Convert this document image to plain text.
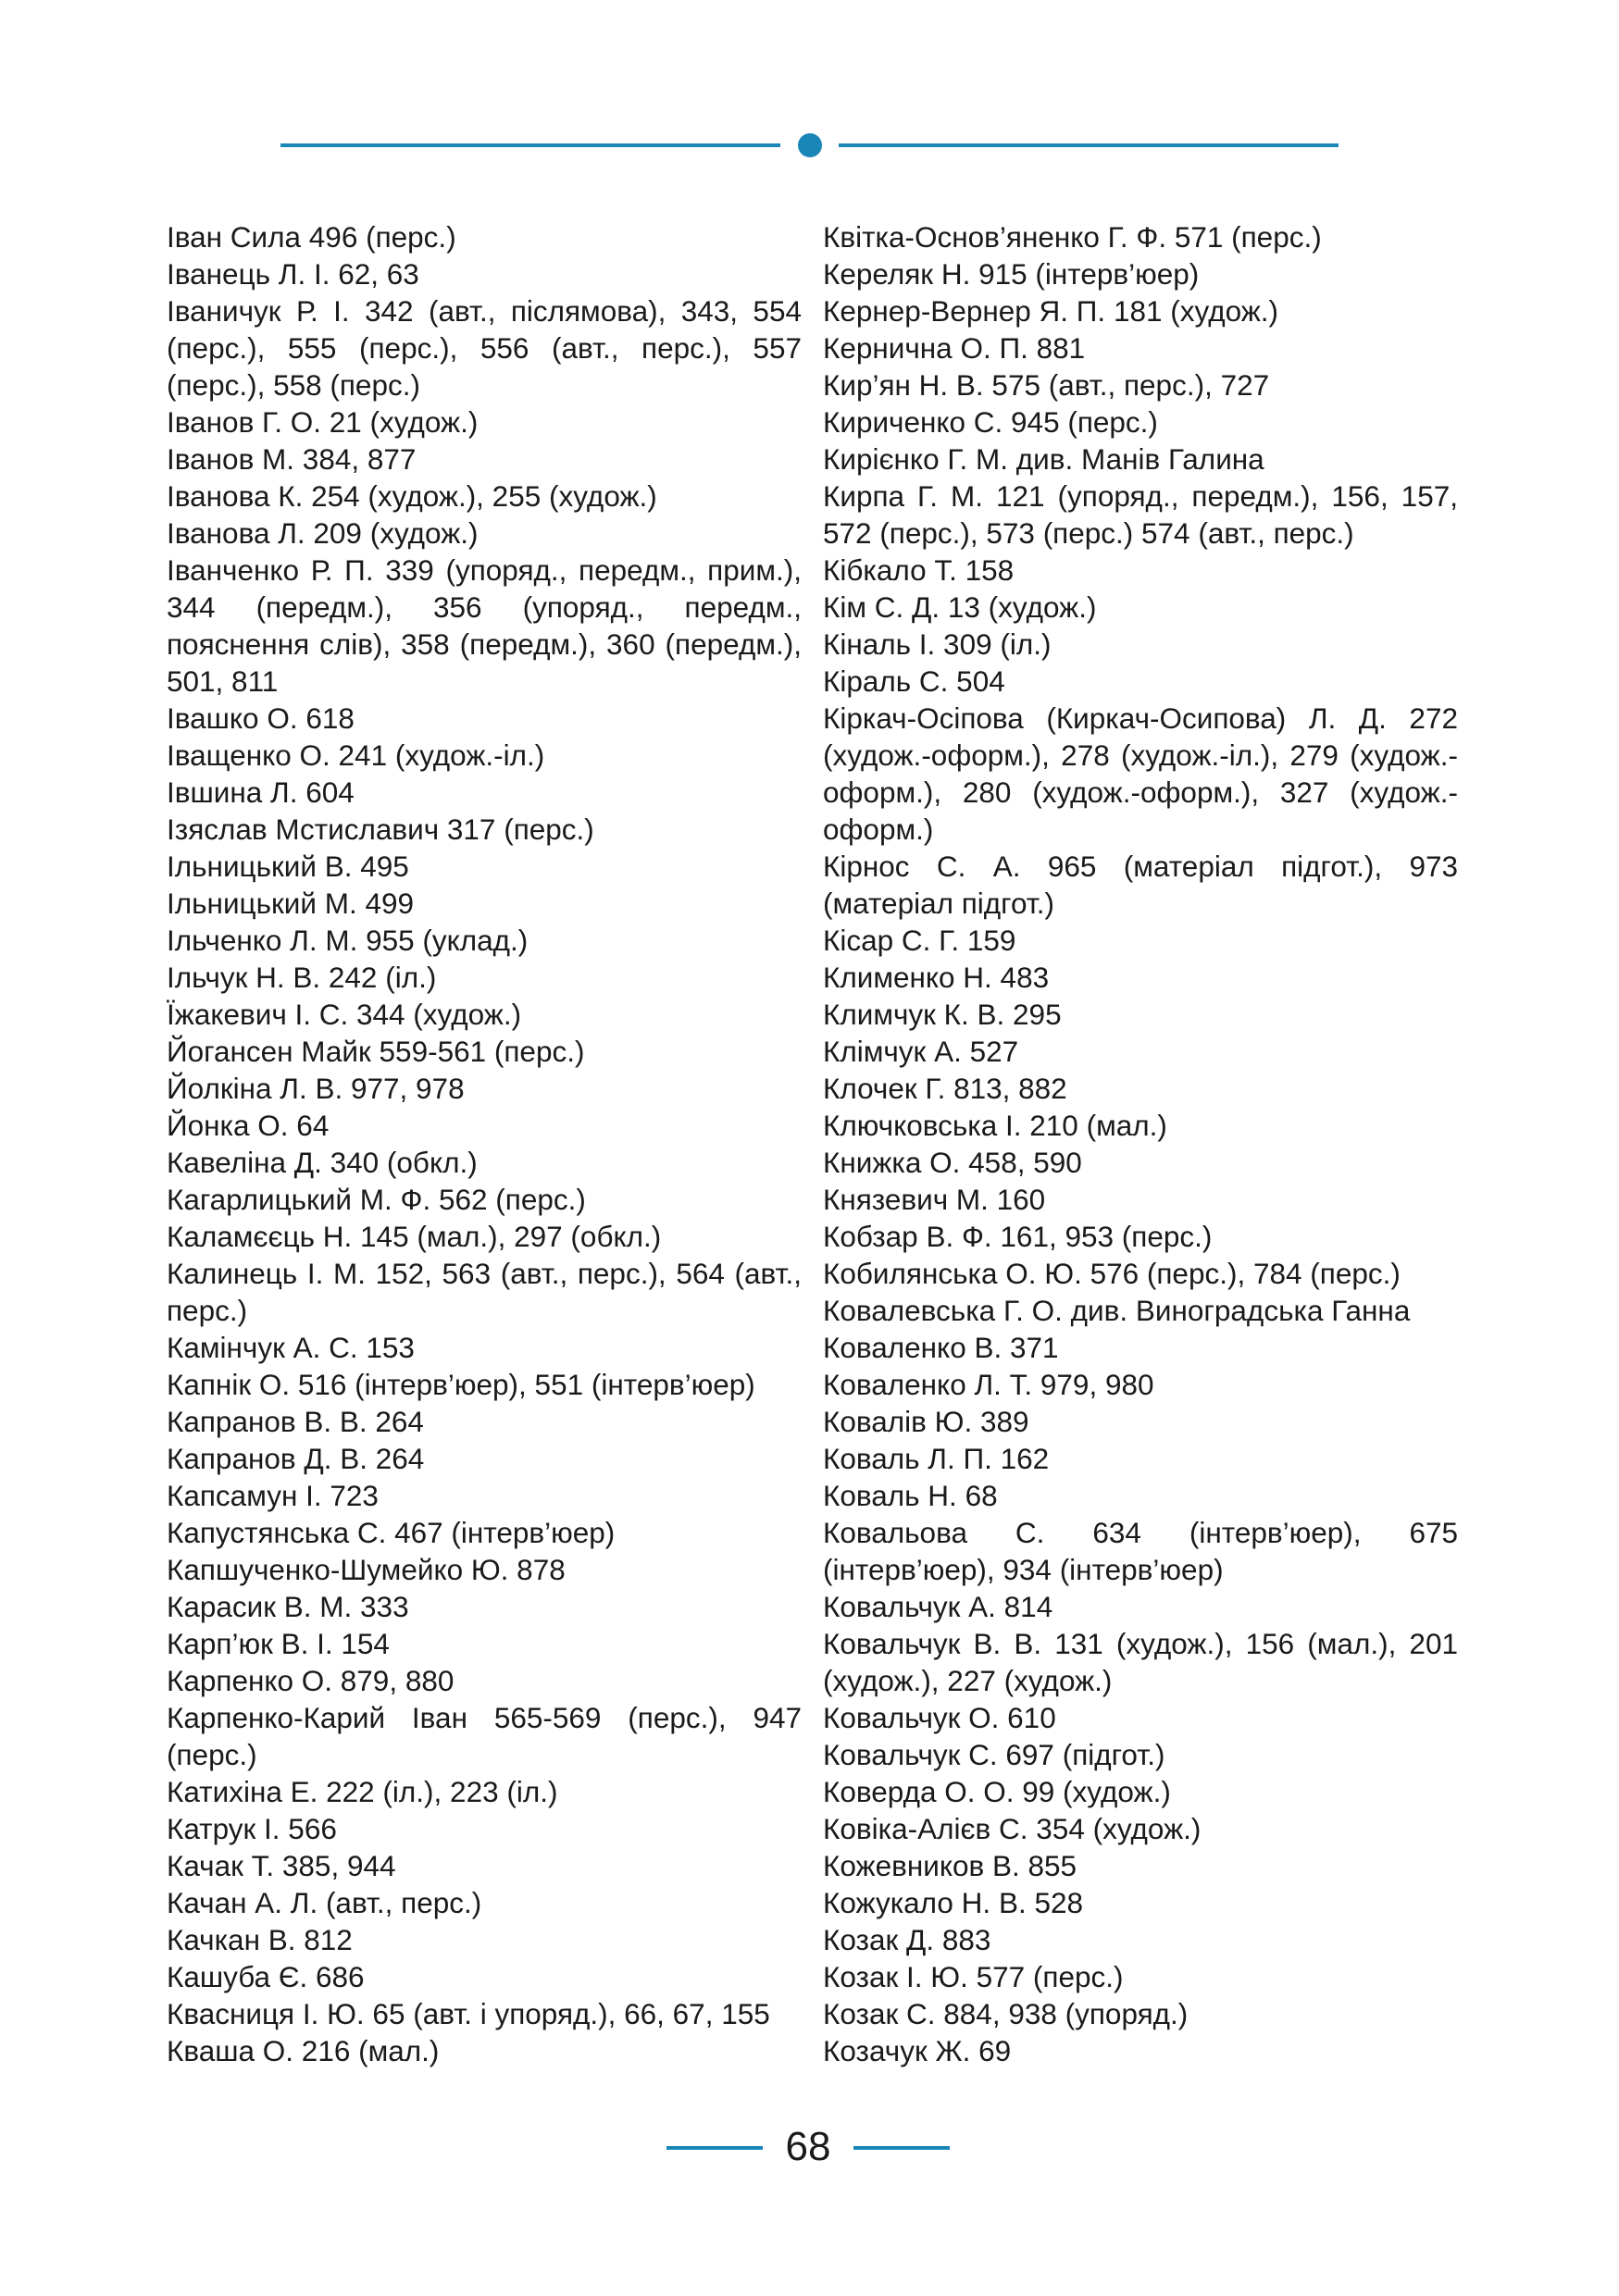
Іван Сила 496 (перс.)

Іванець Л. І. 62, 63

Іваничук Р. І. 342 (авт., післямова), 343, 554 (перс.), 555 (перс.), 556 (авт., перс.), 557 (перс.), 558 (перс.)

Іванов Г. О. 21 (худож.)

Іванов М. 384, 877

Іванова К. 254 (худож.), 255 (худож.)

Іванова Л. 209 (худож.)

Іванченко Р. П. 339 (упоряд., передм., прим.), 344 (передм.), 356 (упоряд., передм., пояснення слів), 358 (передм.), 360 (передм.), 501, 811

Івашко О. 618

Іващенко О. 241 (худож.-іл.)

Івшина Л. 604

Ізяслав Мстиславич 317 (перс.)

Ільницький В. 495

Ільницький М. 499

Ільченко Л. М. 955 (уклад.)

Ільчук Н. В. 242 (іл.)

Їжакевич І. С. 344 (худож.)

Йогансен Майк 559-561 (перс.)

Йолкіна Л. В. 977, 978

Йонка О. 64

Кавеліна Д. 340 (обкл.)

Кагарлицький М. Ф. 562 (перс.)

Каламєєць Н. 145 (мал.), 297 (обкл.)

Калинець І. М. 152, 563 (авт., перс.), 564 (авт., перс.)

Камінчук А. С. 153

Капнік О. 516 (інтерв’юер), 551 (інтерв’юер)

Капранов В. В. 264

Капранов Д. В. 264

Капсамун І. 723

Капустянська С. 467 (інтерв’юер)

Капшученко-Шумейко Ю. 878

Карасик В. М. 333

Карп’юк В. І. 154

Карпенко О. 879, 880

Карпенко-Карий Іван 565-569 (перс.), 947 (перс.)

Катихіна Е. 222 (іл.), 223 (іл.)

Катрук І. 566

Качак Т. 385, 944

Качан А. Л. (авт., перс.)

Качкан В. 812

Кашуба Є. 686

Квасниця І. Ю. 65 (авт. і упоряд.), 66, 67, 155

Кваша О. 216 (мал.)

Квітка-Основ’яненко Г. Ф. 571 (перс.)

Кереляк Н. 915 (інтерв’юер)

Кернер-Вернер Я. П. 181 (худож.)

Кернична О. П. 881

Кир’ян Н. В. 575 (авт., перс.), 727

Кириченко С. 945 (перс.)

Кирієнко Г. М. див. Манів Галина

Кирпа Г. М. 121 (упоряд., передм.), 156, 157, 572 (перс.), 573 (перс.) 574 (авт., перс.)

Кібкало Т. 158

Кім С. Д. 13 (худож.)

Кіналь І. 309 (іл.)

Кіраль С. 504

Кіркач-Осіпова (Киркач-Осипова) Л. Д. 272 (худож.-оформ.), 278 (худож.-іл.), 279 (худож.-оформ.), 280 (худож.-оформ.), 327 (худож.-оформ.)

Кірнос С. А. 965 (матеріал підгот.), 973 (матеріал підгот.)

Кісар С. Г. 159

Клименко Н. 483

Климчук К. В. 295

Клімчук А. 527

Клочек Г. 813, 882

Ключковська І. 210 (мал.)

Книжка О. 458, 590

Князевич М. 160

Кобзар В. Ф. 161, 953 (перс.)

Кобилянська О. Ю. 576 (перс.), 784 (перс.)

Ковалевська Г. О. див. Виноградська Ганна

Коваленко В. 371

Коваленко Л. Т. 979, 980

Ковалів Ю. 389

Коваль Л. П. 162

Коваль Н. 68

Ковальова С. 634 (інтерв’юер), 675 (інтерв’юер), 934 (інтерв’юер)

Ковальчук А. 814

Ковальчук В. В. 131 (худож.), 156 (мал.), 201 (худож.), 227 (худож.)

Ковальчук О. 610

Ковальчук С. 697 (підгот.)

Коверда О. О. 99 (худож.)

Ковіка-Алієв С. 354 (худож.)

Кожевников В. 855

Кожукало Н. В. 528

Козак Д. 883

Козак І. Ю. 577 (перс.)

Козак С. 884, 938 (упоряд.)

Козачук Ж. 69

68
